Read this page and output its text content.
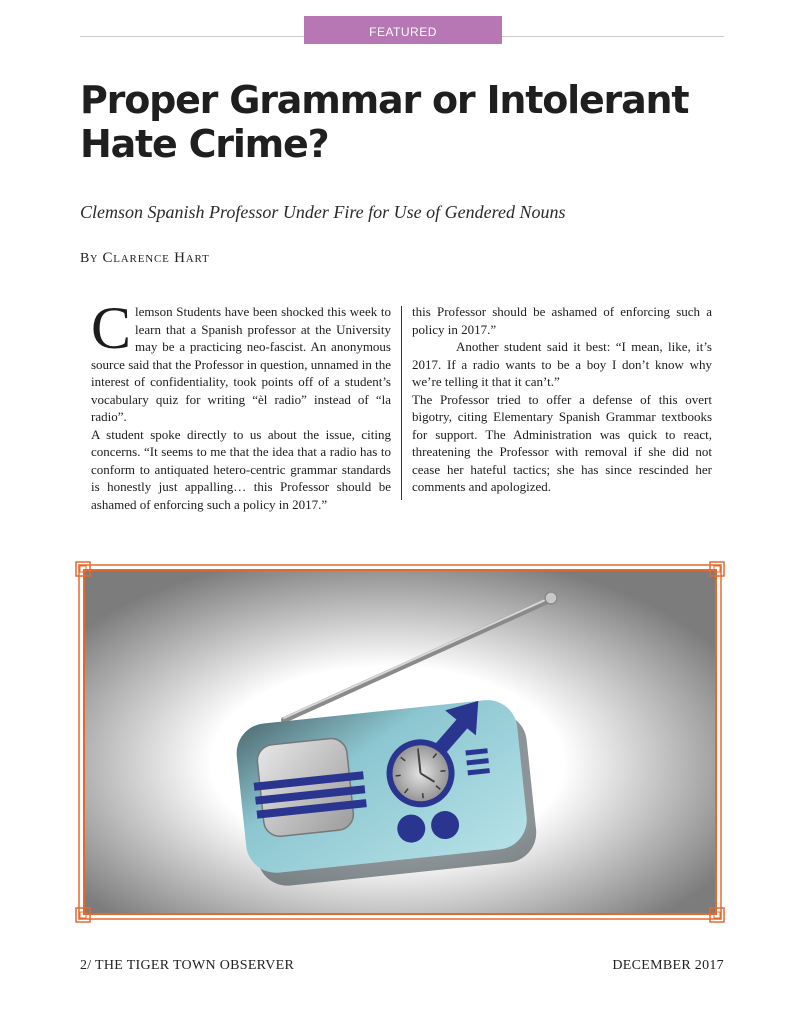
FEATURED
Proper Grammar or Intolerant Hate Crime?
Clemson Spanish Professor Under Fire for Use of Gendered Nouns
By Clarence Hart

Clemson Students have been shocked this week to learn that a Spanish professor at the University may be a practicing neo-fascist. An anonymous source said that the Professor in question, unnamed in the interest of confidentiality, took points off of a student’s vocabulary quiz for writing “èl radio” instead of “la radio”.

A student spoke directly to us about the issue, citing concerns. “It seems to me that the idea that a radio has to conform to antiquated hetero-centric grammar standards is honestly just appalling… this Professor should be ashamed of enforcing such a policy in 2017.”

this Professor should be ashamed of enforcing such a policy in 2017.”

Another student said it best: “I mean, like, it’s 2017. If a radio wants to be a boy I don’t know why we’re telling it that it can’t.”

The Professor tried to offer a defense of this overt bigotry, citing Elementary Spanish Grammar textbooks for support. The Administration was quick to react, threatening the Professor with removal if she did not cease her hateful tactics; she has since rescinded her comments and apologized.

2/ THE TIGER TOWN OBSERVER	DECEMBER 2017
